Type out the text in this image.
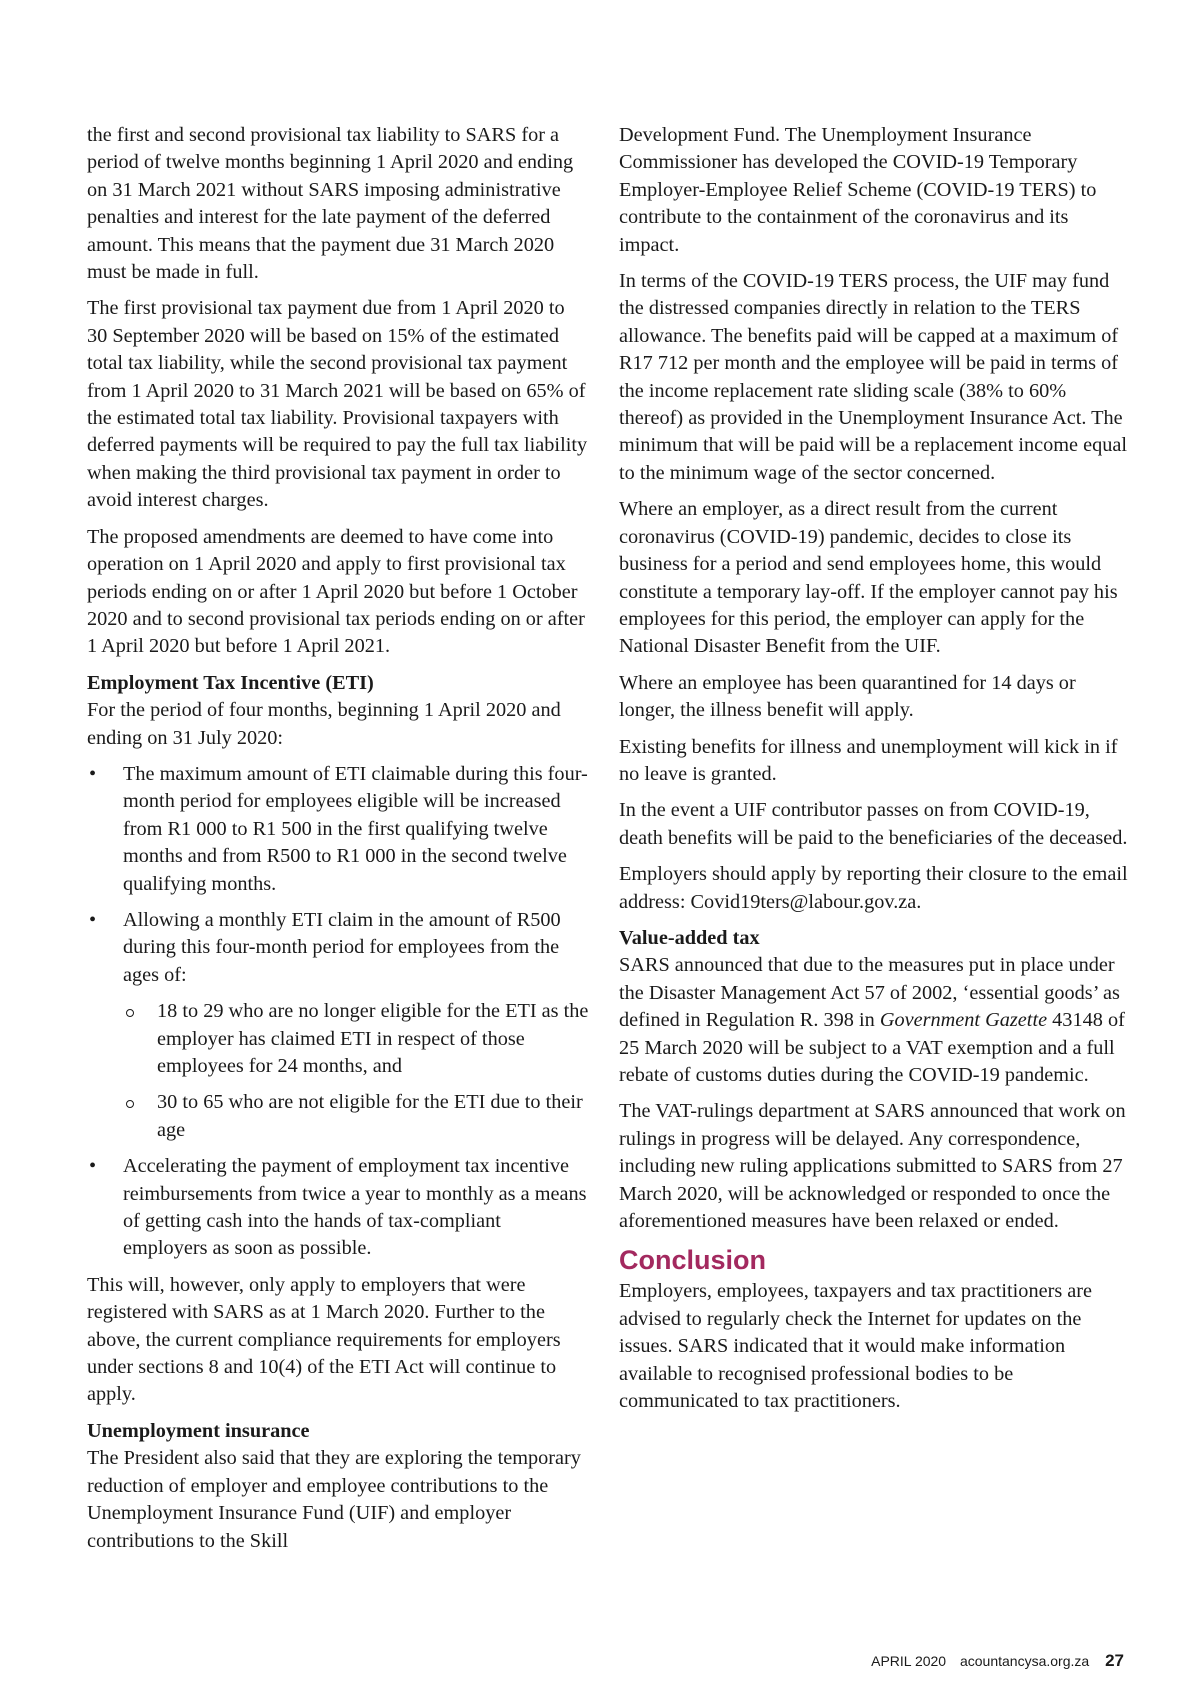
the first and second provisional tax liability to SARS for a period of twelve months beginning 1 April 2020 and ending on 31 March 2021 without SARS imposing administrative penalties and interest for the late payment of the deferred amount. This means that the payment due 31 March 2020 must be made in full.

The first provisional tax payment due from 1 April 2020 to 30 September 2020 will be based on 15% of the estimated total tax liability, while the second provisional tax payment from 1 April 2020 to 31 March 2021 will be based on 65% of the estimated total tax liability. Provisional taxpayers with deferred payments will be required to pay the full tax liability when making the third provisional tax payment in order to avoid interest charges.

The proposed amendments are deemed to have come into operation on 1 April 2020 and apply to first provisional tax periods ending on or after 1 April 2020 but before 1 October 2020 and to second provisional tax periods ending on or after 1 April 2020 but before 1 April 2021.

Employment Tax Incentive (ETI)

For the period of four months, beginning 1 April 2020 and ending on 31 July 2020:

• The maximum amount of ETI claimable during this four-month period for employees eligible will be increased from R1 000 to R1 500 in the first qualifying twelve months and from R500 to R1 000 in the second twelve qualifying months.
• Allowing a monthly ETI claim in the amount of R500 during this four-month period for employees from the ages of:
18 to 29 who are no longer eligible for the ETI as the employer has claimed ETI in respect of those employees for 24 months, and
30 to 65 who are not eligible for the ETI due to their age
• Accelerating the payment of employment tax incentive reimbursements from twice a year to monthly as a means of getting cash into the hands of tax-compliant employers as soon as possible.

This will, however, only apply to employers that were registered with SARS as at 1 March 2020. Further to the above, the current compliance requirements for employers under sections 8 and 10(4) of the ETI Act will continue to apply.

Unemployment insurance

The President also said that they are exploring the temporary reduction of employer and employee contributions to the Unemployment Insurance Fund (UIF) and employer contributions to the Skill

Development Fund. The Unemployment Insurance Commissioner has developed the COVID-19 Temporary Employer-Employee Relief Scheme (COVID-19 TERS) to contribute to the containment of the coronavirus and its impact.

In terms of the COVID-19 TERS process, the UIF may fund the distressed companies directly in relation to the TERS allowance. The benefits paid will be capped at a maximum of R17 712 per month and the employee will be paid in terms of the income replacement rate sliding scale (38% to 60% thereof) as provided in the Unemployment Insurance Act. The minimum that will be paid will be a replacement income equal to the minimum wage of the sector concerned.

Where an employer, as a direct result from the current coronavirus (COVID-19) pandemic, decides to close its business for a period and send employees home, this would constitute a temporary lay-off. If the employer cannot pay his employees for this period, the employer can apply for the National Disaster Benefit from the UIF.

Where an employee has been quarantined for 14 days or longer, the illness benefit will apply.

Existing benefits for illness and unemployment will kick in if no leave is granted.

In the event a UIF contributor passes on from COVID-19, death benefits will be paid to the beneficiaries of the deceased.

Employers should apply by reporting their closure to the email address: Covid19ters@labour.gov.za.

Value-added tax

SARS announced that due to the measures put in place under the Disaster Management Act 57 of 2002, ‘essential goods’ as defined in Regulation R. 398 in Government Gazette 43148 of 25 March 2020 will be subject to a VAT exemption and a full rebate of customs duties during the COVID-19 pandemic.

The VAT-rulings department at SARS announced that work on rulings in progress will be delayed. Any correspondence, including new ruling applications submitted to SARS from 27 March 2020, will be acknowledged or responded to once the aforementioned measures have been relaxed or ended.

Conclusion

Employers, employees, taxpayers and tax practitioners are advised to regularly check the Internet for updates on the issues. SARS indicated that it would make information available to recognised professional bodies to be communicated to tax practitioners.

APRIL 2020 acountancysa.org.za 27
